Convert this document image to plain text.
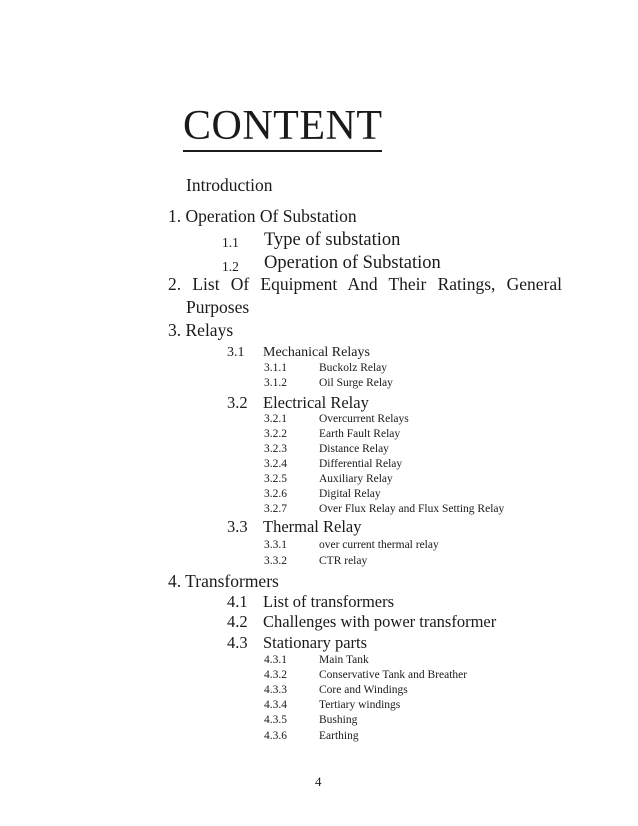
CONTENT
Introduction
1. Operation Of Substation
1.1 Type of substation
1.2 Operation of Substation
2. List Of Equipment And Their Ratings, General
Purposes
3. Relays
3.1 Mechanical Relays
3.1.1	Buckolz Relay
3.1.2	Oil Surge Relay
3.2 Electrical Relay
3.2.1	Overcurrent Relays
3.2.2	Earth Fault Relay
3.2.3	Distance Relay
3.2.4	Differential Relay
3.2.5	Auxiliary Relay
3.2.6	Digital Relay
3.2.7	Over Flux Relay and Flux Setting Relay
3.3 Thermal Relay
3.3.1	over current thermal relay
3.3.2	CTR relay
4. Transformers
4.1 List of transformers
4.2 Challenges with power transformer
4.3 Stationary parts
4.3.1	Main Tank
4.3.2	Conservative Tank and Breather
4.3.3	Core and Windings
4.3.4	Tertiary windings
4.3.5	Bushing
4.3.6	Earthing
4
